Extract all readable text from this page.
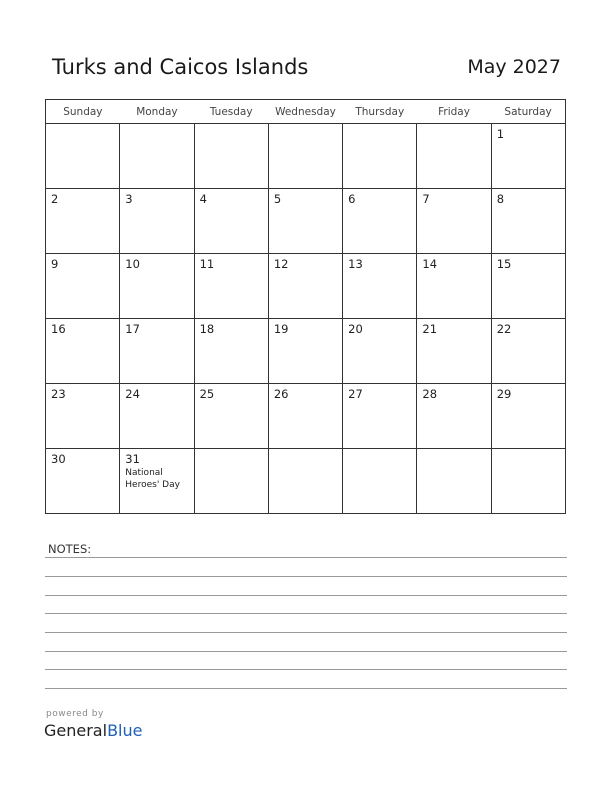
Turks and Caicos Islands	May 2027
Sunday	Monday	Tuesday	Wednesday	Thursday	Friday	Saturday

						1

2	3	4	5	6	7	8

9	10	11	12	13	14	15

16	17	18	19	20	21	22

23	24	25	26	27	28	29

30	31
National Heroes' Day					

NOTES:
powered by
GeneralBlue
